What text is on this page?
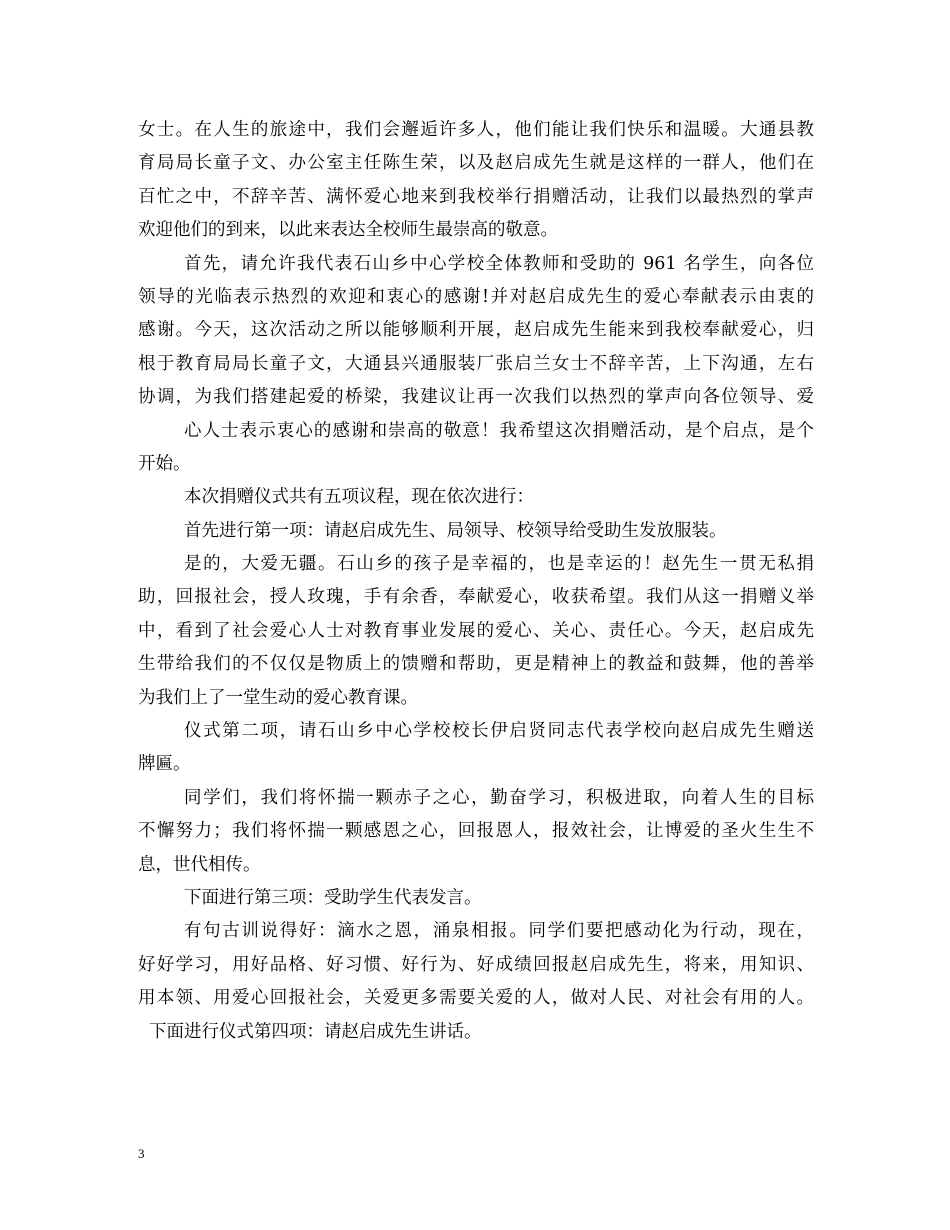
女士。在人生的旅途中，我们会邂逅许多人，他们能让我们快乐和温暖。大通县教
育局局长童子文、办公室主任陈生荣，以及赵启成先生就是这样的一群人，他们在
百忙之中，不辞辛苦、满怀爱心地来到我校举行捐赠活动，让我们以最热烈的掌声
欢迎他们的到来，以此来表达全校师生最崇高的敬意。
首先，请允许我代表石山乡中心学校全体教师和受助的 961 名学生，向各位
领导的光临表示热烈的欢迎和衷心的感谢!并对赵启成先生的爱心奉献表示由衷的
感谢。今天，这次活动之所以能够顺利开展，赵启成先生能来到我校奉献爱心，归
根于教育局局长童子文，大通县兴通服装厂张启兰女士不辞辛苦，上下沟通，左右
协调，为我们搭建起爱的桥梁，我建议让再一次我们以热烈的掌声向各位领导、爱
心人士表示衷心的感谢和崇高的敬意！我希望这次捐赠活动，是个启点，是个
开始。
本次捐赠仪式共有五项议程，现在依次进行：
首先进行第一项：请赵启成先生、局领导、校领导给受助生发放服装。
是的，大爱无疆。石山乡的孩子是幸福的，也是幸运的！赵先生一贯无私捐
助，回报社会，授人玫瑰，手有余香，奉献爱心，收获希望。我们从这一捐赠义举
中，看到了社会爱心人士对教育事业发展的爱心、关心、责任心。今天，赵启成先
生带给我们的不仅仅是物质上的馈赠和帮助，更是精神上的教益和鼓舞，他的善举
为我们上了一堂生动的爱心教育课。
仪式第二项，请石山乡中心学校校长伊启贤同志代表学校向赵启成先生赠送
牌匾。
同学们，我们将怀揣一颗赤子之心，勤奋学习，积极进取，向着人生的目标
不懈努力；我们将怀揣一颗感恩之心，回报恩人，报效社会，让博爱的圣火生生不
息，世代相传。
下面进行第三项：受助学生代表发言。
有句古训说得好：滴水之恩，涌泉相报。同学们要把感动化为行动，现在，
好好学习，用好品格、好习惯、好行为、好成绩回报赵启成先生，将来，用知识、
用本领、用爱心回报社会，关爱更多需要关爱的人，做对人民、对社会有用的人。
下面进行仪式第四项：请赵启成先生讲话。
3
